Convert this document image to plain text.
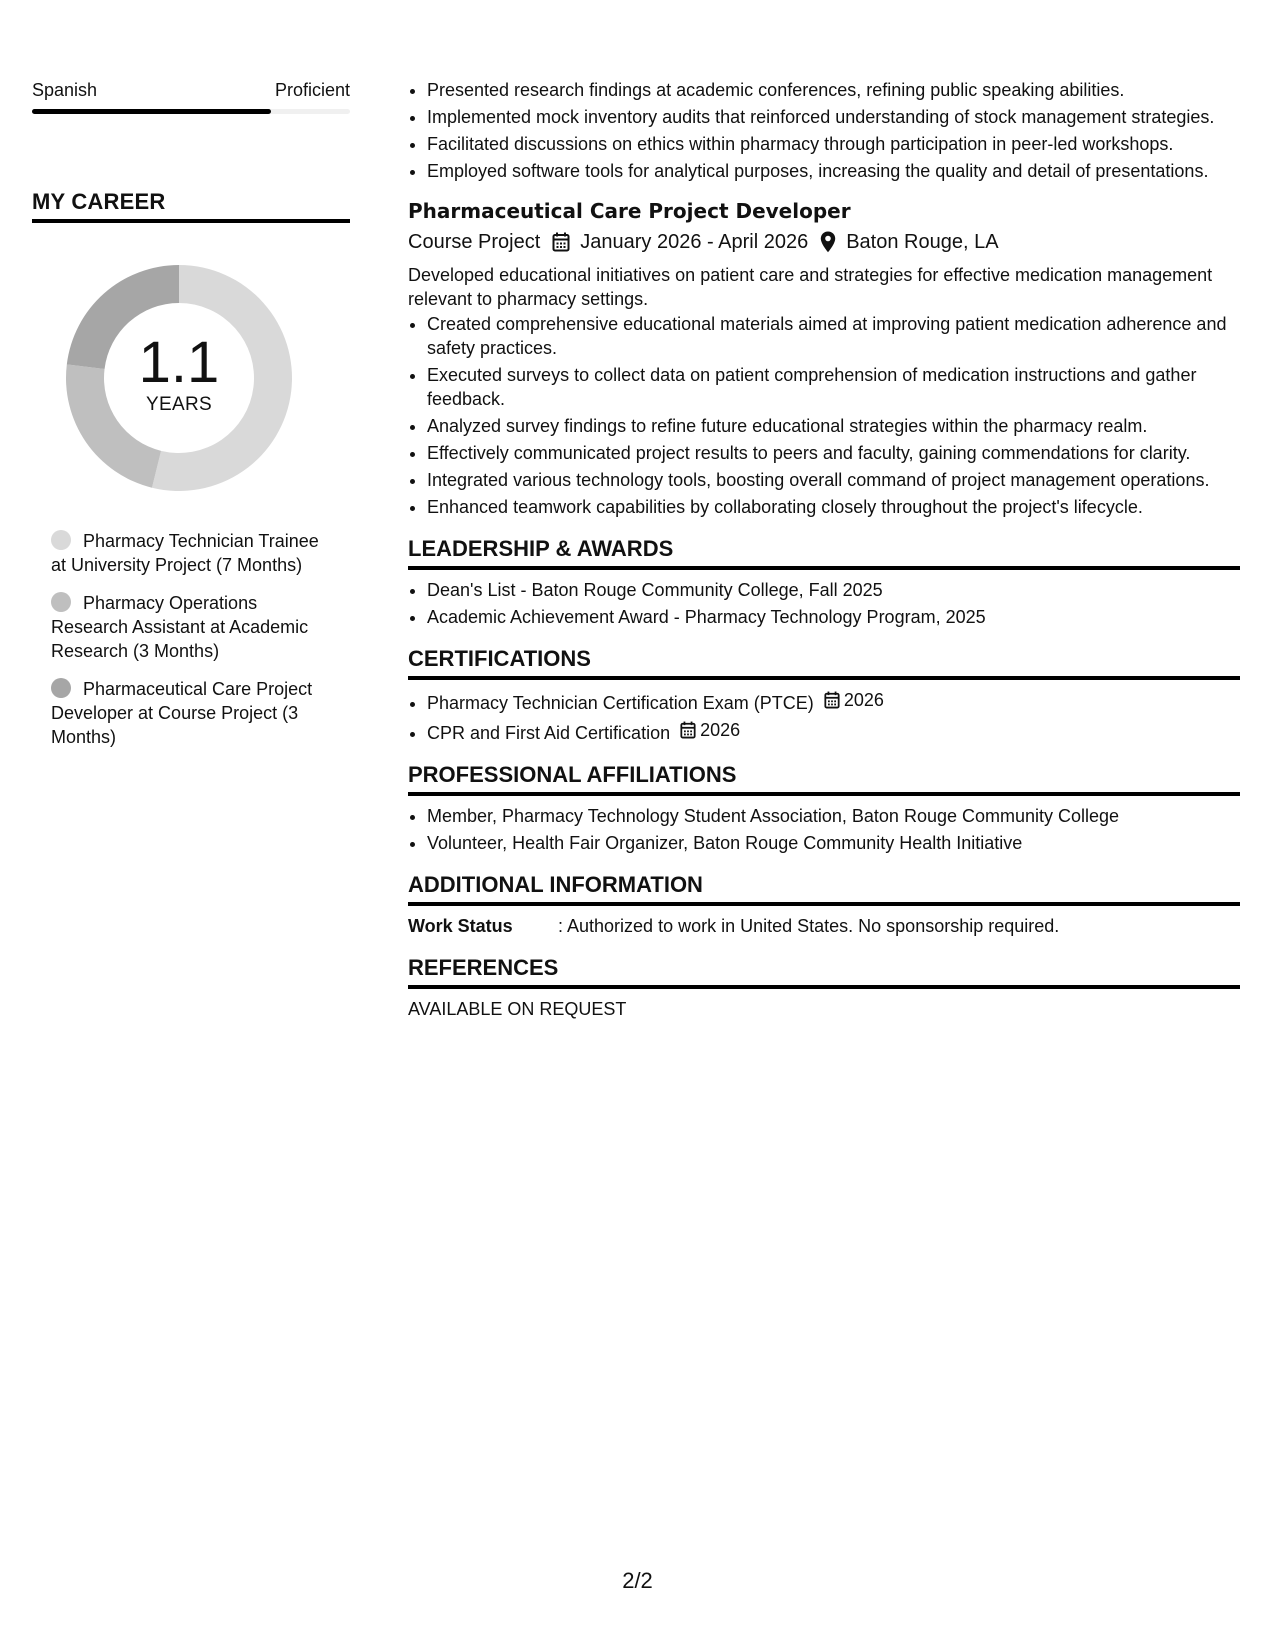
Spanish	Proficient
MY CAREER
1.1
YEARS
Pharmacy Technician Trainee at University Project (7 Months)
Pharmacy Operations Research Assistant at Academic Research (3 Months)
Pharmaceutical Care Project Developer at Course Project (3 Months)
• Presented research findings at academic conferences, refining public speaking abilities.
• Implemented mock inventory audits that reinforced understanding of stock management strategies.
• Facilitated discussions on ethics within pharmacy through participation in peer-led workshops.
• Employed software tools for analytical purposes, increasing the quality and detail of presentations.
Pharmaceutical Care Project Developer
Course Project January 2026 - April 2026 Baton Rouge, LA
Developed educational initiatives on patient care and strategies for effective medication management relevant to pharmacy settings.
• Created comprehensive educational materials aimed at improving patient medication adherence and safety practices.
• Executed surveys to collect data on patient comprehension of medication instructions and gather feedback.
• Analyzed survey findings to refine future educational strategies within the pharmacy realm.
• Effectively communicated project results to peers and faculty, gaining commendations for clarity.
• Integrated various technology tools, boosting overall command of project management operations.
• Enhanced teamwork capabilities by collaborating closely throughout the project's lifecycle.
LEADERSHIP & AWARDS
• Dean's List - Baton Rouge Community College, Fall 2025
• Academic Achievement Award - Pharmacy Technology Program, 2025
CERTIFICATIONS
• Pharmacy Technician Certification Exam (PTCE) 2026
• CPR and First Aid Certification 2026
PROFESSIONAL AFFILIATIONS
• Member, Pharmacy Technology Student Association, Baton Rouge Community College
• Volunteer, Health Fair Organizer, Baton Rouge Community Health Initiative
ADDITIONAL INFORMATION
Work Status	: Authorized to work in United States. No sponsorship required.
REFERENCES
AVAILABLE ON REQUEST
2/2
